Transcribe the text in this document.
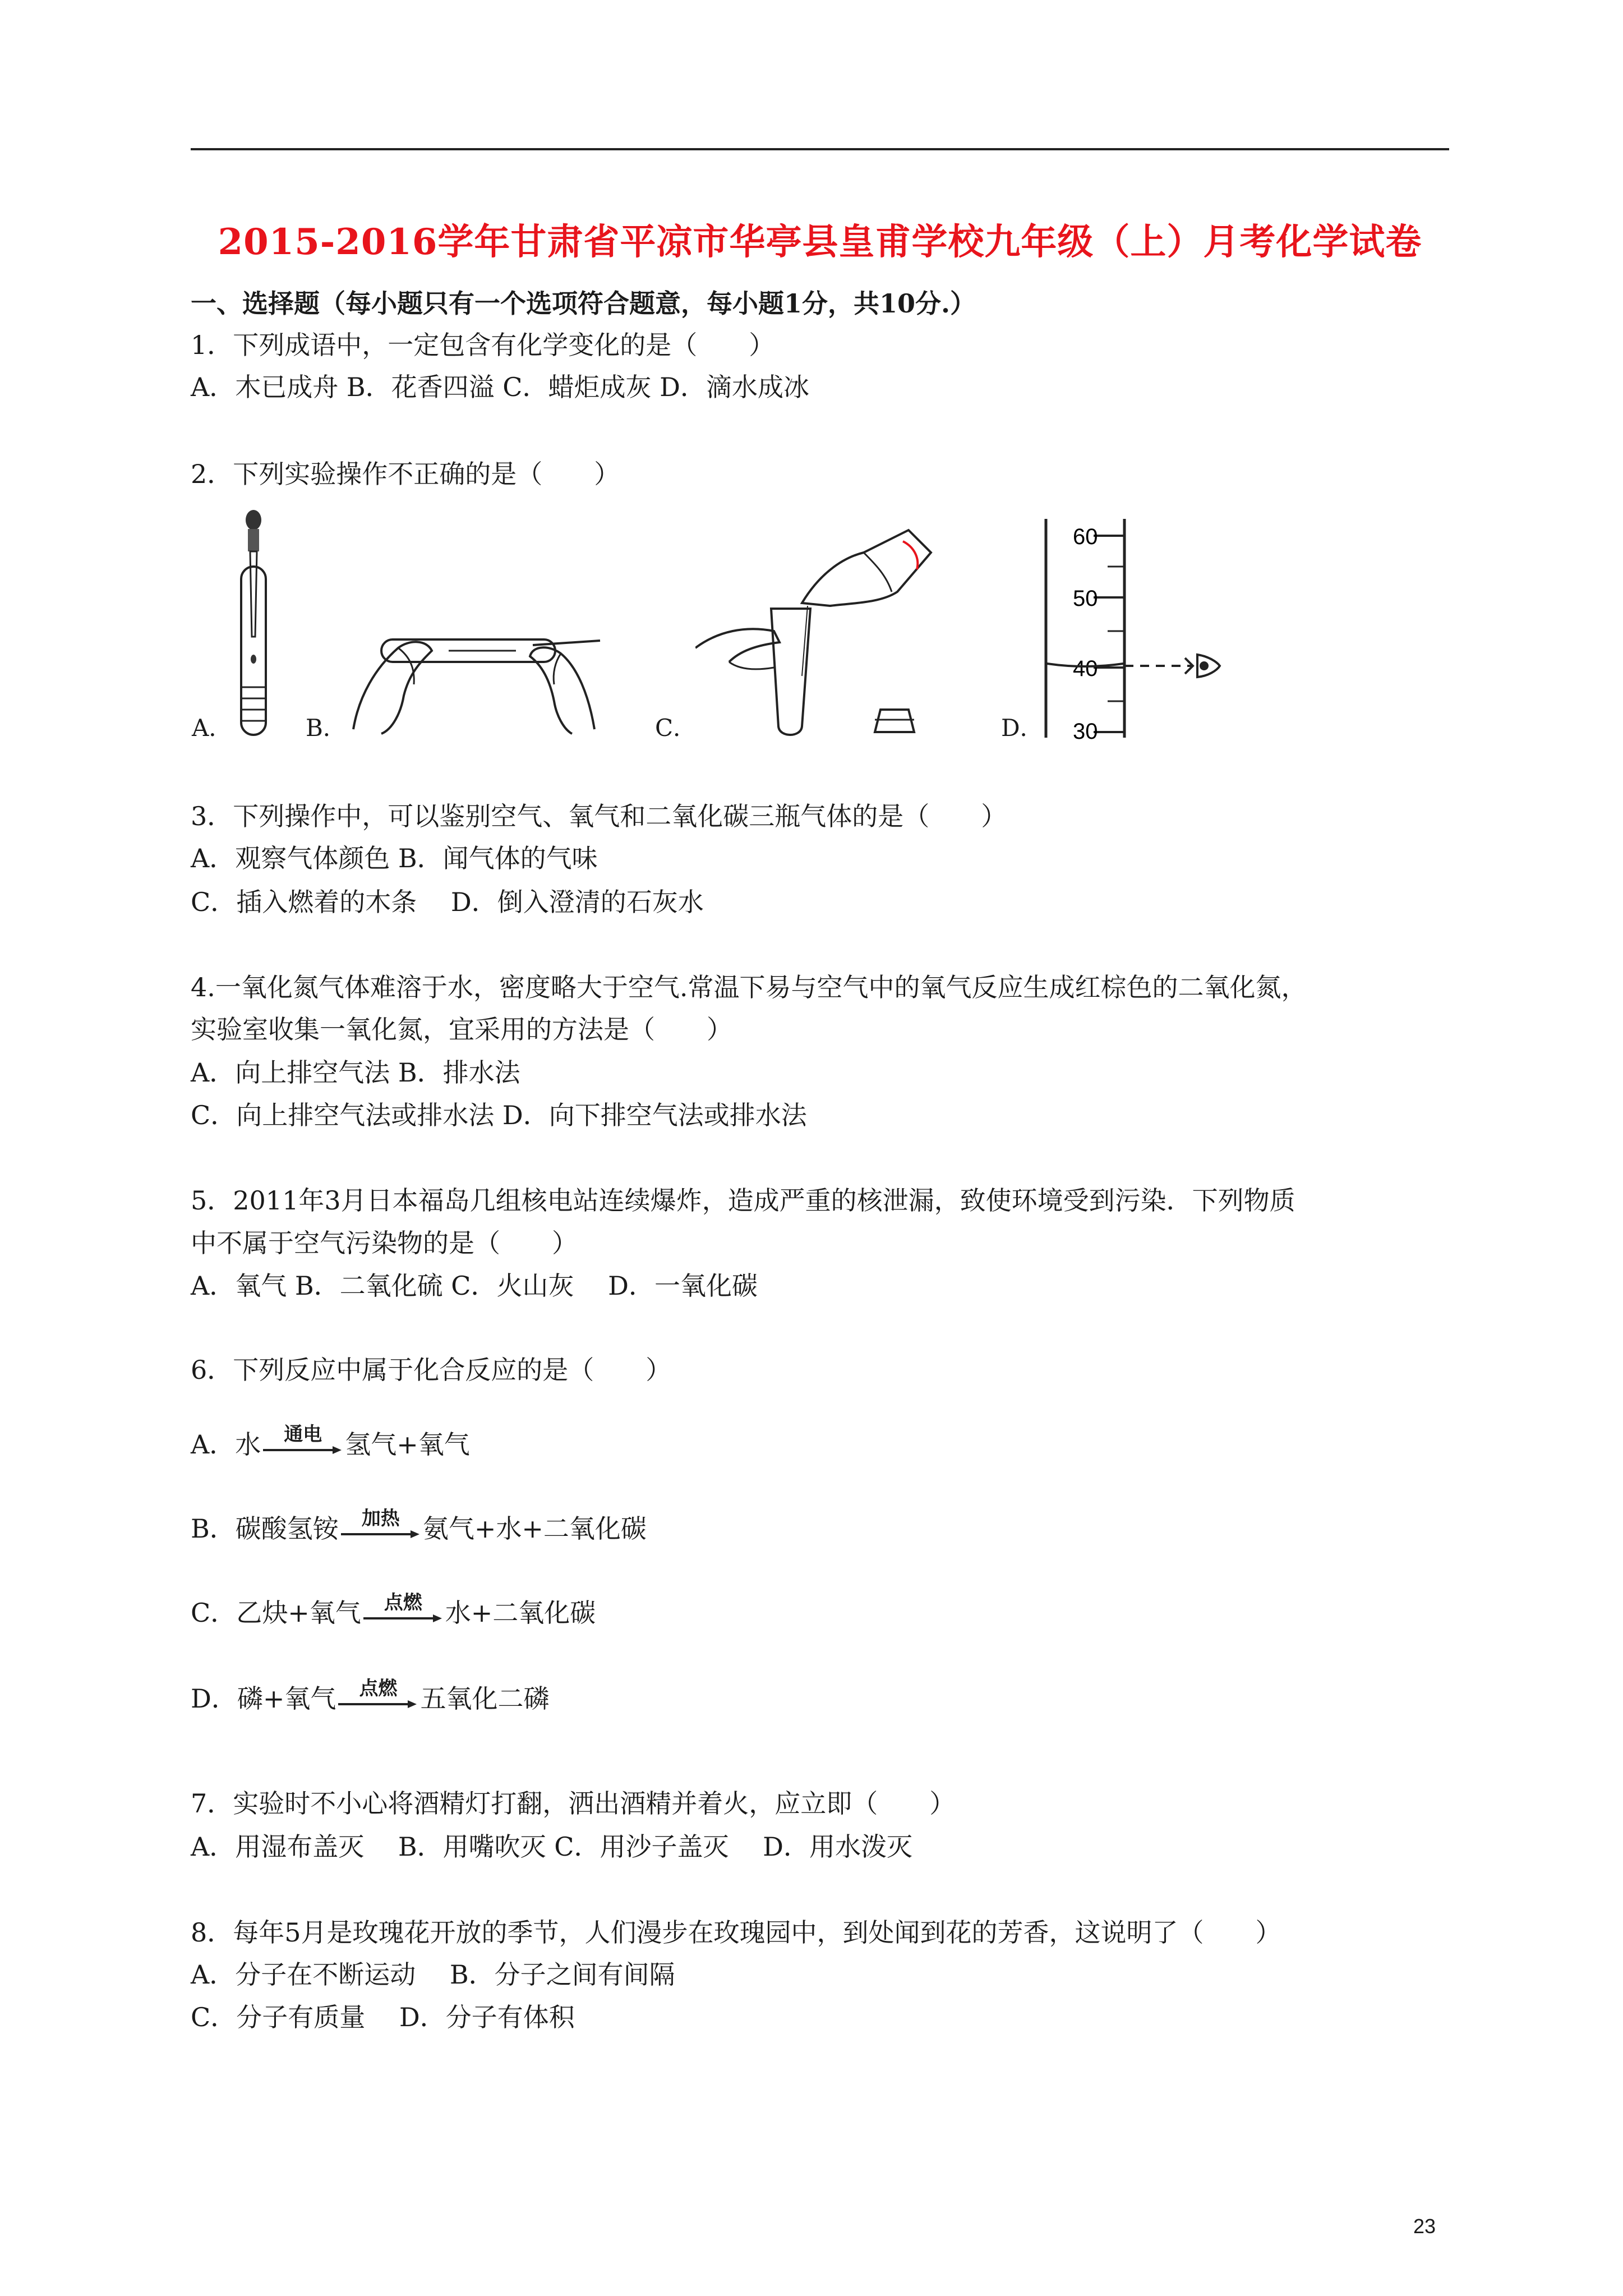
2015-2016学年甘肃省平凉市华亭县皇甫学校九年级（上）月考化学试卷
一、选择题（每小题只有一个选项符合题意，每小题1分，共10分.）
1．下列成语中，一定包含有化学变化的是（　　）
A．木已成舟 B．花香四溢 C．蜡炬成灰 D．滴水成冰
2．下列实验操作不正确的是（　　）
A．	B．	C．
60
50
40
30
D．
3．下列操作中，可以鉴别空气、氧气和二氧化碳三瓶气体的是（　　）
A．观察气体颜色 B．闻气体的气味
C．插入燃着的木条　 D．倒入澄清的石灰水
4.一氧化氮气体难溶于水，密度略大于空气.常温下易与空气中的氧气反应生成红棕色的二氧化氮，
实验室收集一氧化氮，宜采用的方法是（　　）
A．向上排空气法 B．排水法
C．向上排空气法或排水法 D．向下排空气法或排水法
5．2011年3月日本福岛几组核电站连续爆炸，造成严重的核泄漏，致使环境受到污染．下列物质
中不属于空气污染物的是（　　）
A．氧气 B．二氧化硫 C．火山灰　 D．一氧化碳
6．下列反应中属于化合反应的是（　　）
A．水	通电 氢气+氧气
B．碳酸氢铵	加热 氨气+水+二氧化碳
C．乙炔+氧气	点燃 水+二氧化碳
D．磷+氧气	点燃 五氧化二磷
7．实验时不小心将酒精灯打翻，洒出酒精并着火，应立即（　　）
A．用湿布盖灭　 B．用嘴吹灭 C．用沙子盖灭　 D．用水泼灭
8．每年5月是玫瑰花开放的季节，人们漫步在玫瑰园中，到处闻到花的芳香，这说明了（　　）
A．分子在不断运动　 B．分子之间有间隔
C．分子有质量　 D．分子有体积
23
